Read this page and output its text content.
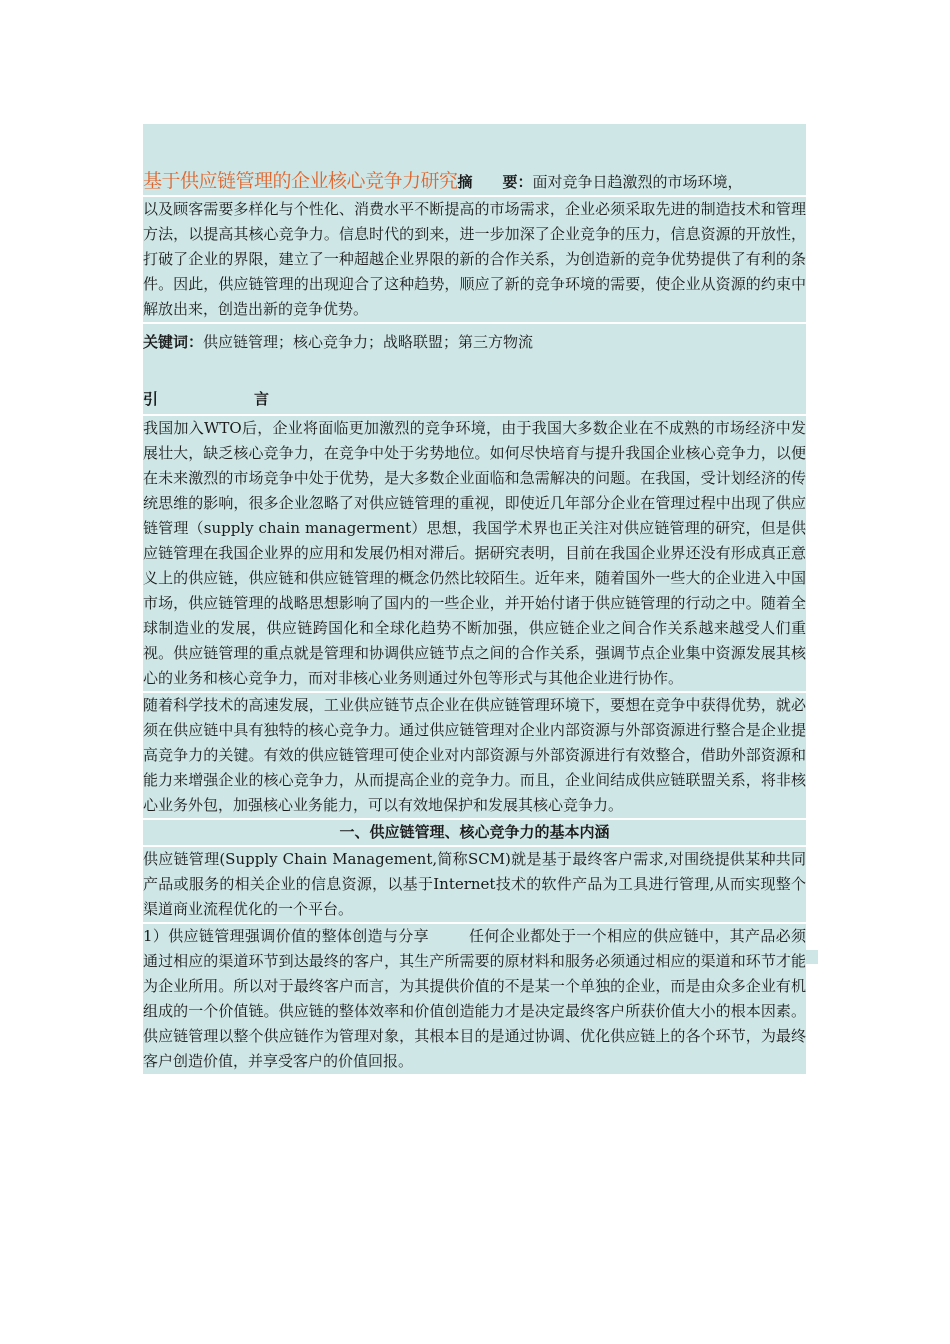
基于供应链管理的企业核心竞争力研究摘　　要：面对竞争日趋激烈的市场环境，

以及顾客需要多样化与个性化、消费水平不断提高的市场需求，企业必须采取先进的制造技术和管理方法，以提高其核心竞争力。信息时代的到来，进一步加深了企业竞争的压力，信息资源的开放性，打破了企业的界限，建立了一种超越企业界限的新的合作关系，为创造新的竞争优势提供了有利的条件。因此，供应链管理的出现迎合了这种趋势，顺应了新的竞争环境的需要，使企业从资源的约束中解放出来，创造出新的竞争优势。

关键词：供应链管理；核心竞争力；战略联盟；第三方物流

引	言

我国加入WTO后，企业将面临更加激烈的竞争环境，由于我国大多数企业在不成熟的市场经济中发展壮大，缺乏核心竞争力，在竞争中处于劣势地位。如何尽快培育与提升我国企业核心竞争力，以便在未来激烈的市场竞争中处于优势，是大多数企业面临和急需解决的问题。在我国，受计划经济的传统思维的影响，很多企业忽略了对供应链管理的重视，即使近几年部分企业在管理过程中出现了供应链管理（supply chain managerment）思想，我国学术界也正关注对供应链管理的研究，但是供应链管理在我国企业界的应用和发展仍相对滞后。据研究表明，目前在我国企业界还没有形成真正意义上的供应链，供应链和供应链管理的概念仍然比较陌生。近年来，随着国外一些大的企业进入中国市场，供应链管理的战略思想影响了国内的一些企业，并开始付诸于供应链管理的行动之中。随着全球制造业的发展，供应链跨国化和全球化趋势不断加强，供应链企业之间合作关系越来越受人们重视。供应链管理的重点就是管理和协调供应链节点之间的合作关系，强调节点企业集中资源发展其核心的业务和核心竞争力，而对非核心业务则通过外包等形式与其他企业进行协作。

随着科学技术的高速发展，工业供应链节点企业在供应链管理环境下，要想在竞争中获得优势，就必须在供应链中具有独特的核心竞争力。通过供应链管理对企业内部资源与外部资源进行整合是企业提高竞争力的关键。有效的供应链管理可使企业对内部资源与外部资源进行有效整合，借助外部资源和能力来增强企业的核心竞争力，从而提高企业的竞争力。而且，企业间结成供应链联盟关系，将非核心业务外包，加强核心业务能力，可以有效地保护和发展其核心竞争力。

一、供应链管理、核心竞争力的基本内涵

供应链管理(Supply Chain Management,简称SCM)就是基于最终客户需求,对围绕提供某种共同产品或服务的相关企业的信息资源，以基于Internet技术的软件产品为工具进行管理,从而实现整个渠道商业流程优化的一个平台。

1）供应链管理强调价值的整体创造与分享	任何企业都处于一个相应的供应链中，其产品必须通过相应的渠道环节到达最终的客户，其生产所需要的原材料和服务必须通过相应的渠道和环节才能为企业所用。所以对于最终客户而言，为其提供价值的不是某一个单独的企业，而是由众多企业有机组成的一个价值链。供应链的整体效率和价值创造能力才是决定最终客户所获价值大小的根本因素。供应链管理以整个供应链作为管理对象，其根本目的是通过协调、优化供应链上的各个环节，为最终客户创造价值，并享受客户的价值回报。
